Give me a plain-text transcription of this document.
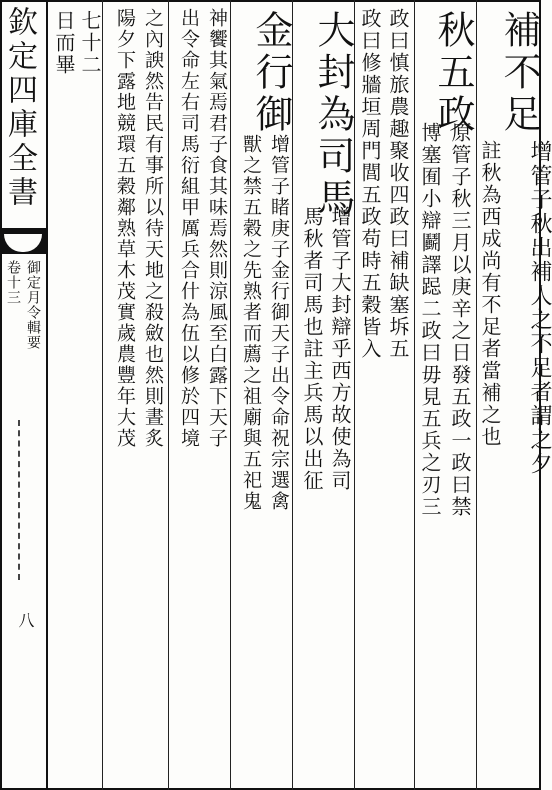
欽定四庫全書
御定月令輯要
卷十三
八
補不足
增管子秋出補人之不足者謂之夕
註秋為西成尚有不足者當補之也
秋五政
博塞囿小辯鬬譯跽二政曰毋見五兵之刃三 原管子秋三月以庚辛之日發五政一政曰禁
政曰慎旅農趣聚收四政曰補缺塞坼五
政曰修牆垣周門閭五政苟時五穀皆入
大封為司馬
增管子大封辯乎西方故使為司
馬秋者司馬也註主兵馬以出征
金行御
增管子睹庚子金行御天子出令命祝宗選禽
獸之禁五穀之先熟者而薦之祖廟與五祀鬼
神饗其氣焉君子食其味焉然則涼風至白露下天子
出令命左右司馬衍組甲厲兵合什為伍以修於四境
之內諛然告民有事所以待天地之殺斂也然則晝炙
陽夕下露地競環五穀鄰熟草木茂實歲農豐年大茂
七十二
日而畢
